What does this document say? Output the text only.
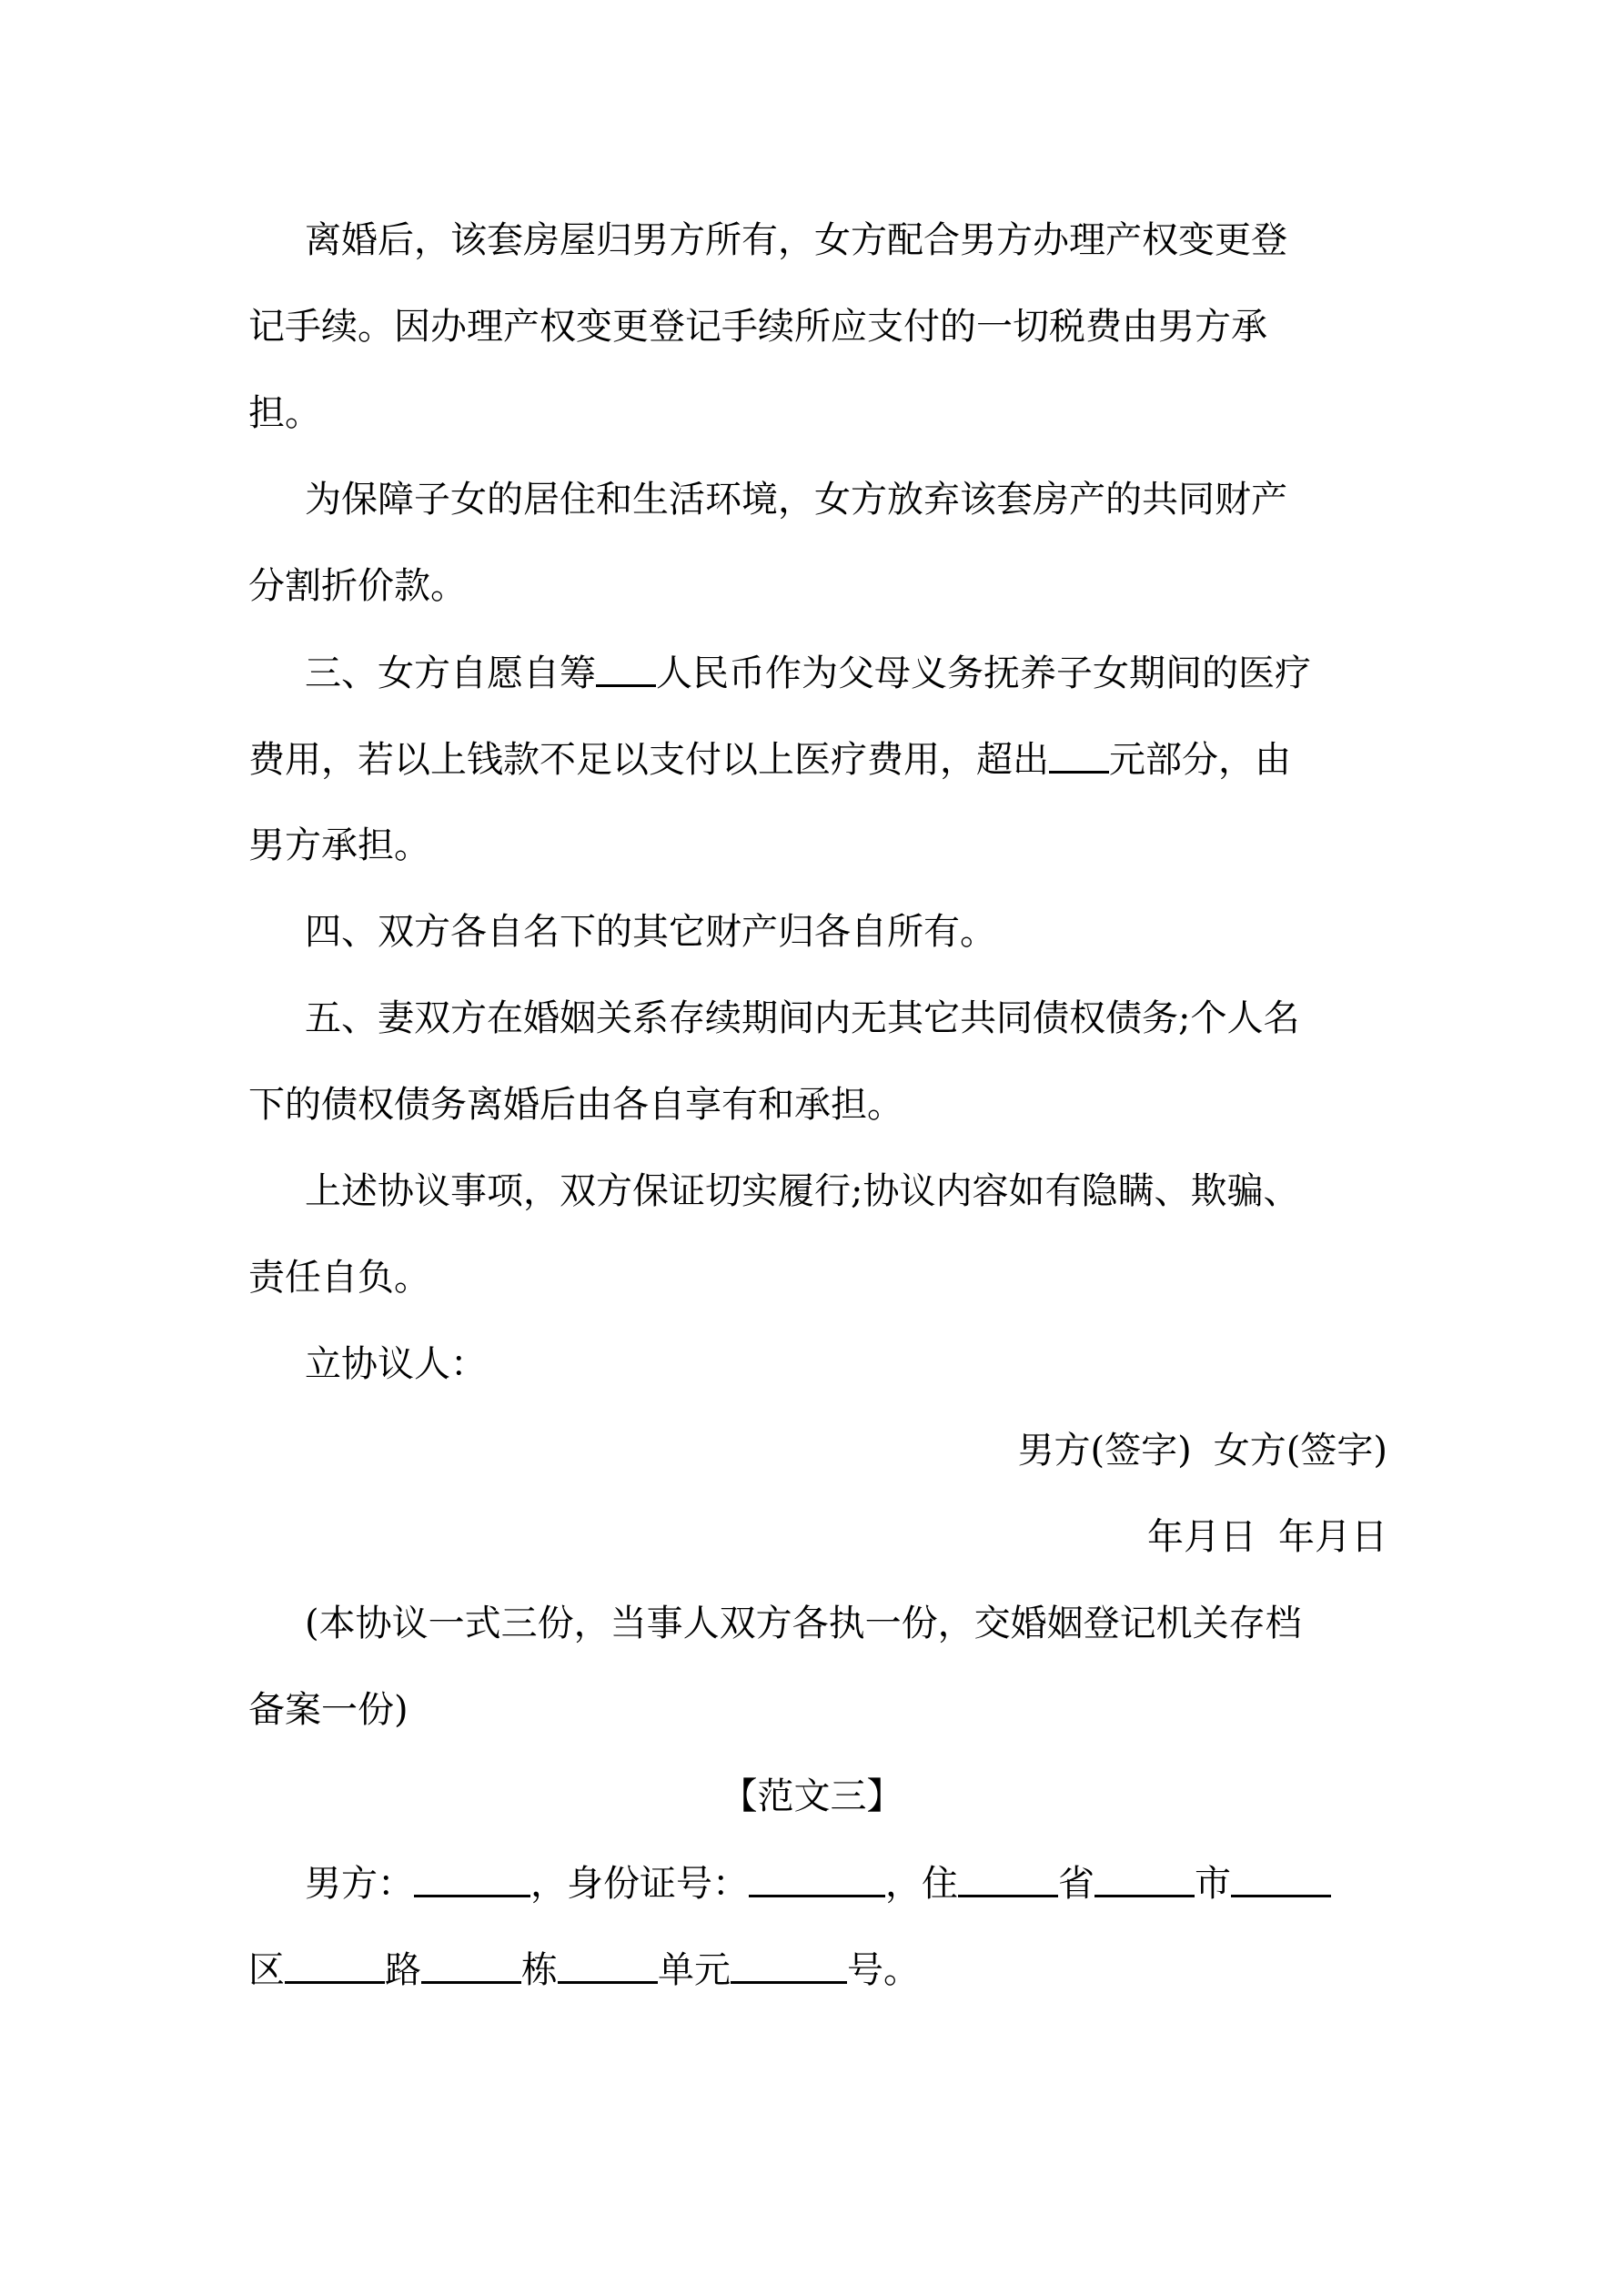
离婚后，该套房屋归男方所有，女方配合男方办理产权变更登
记手续。因办理产权变更登记手续所应支付的一切税费由男方承
担。
为保障子女的居住和生活环境，女方放弃该套房产的共同财产
分割折价款。
三、女方自愿自筹 人民币作为父母义务抚养子女期间的医疗
费用，若以上钱款不足以支付以上医疗费用，超出 元部分，由
男方承担。
四、双方各自名下的其它财产归各自所有。
五、妻双方在婚姻关系存续期间内无其它共同债权债务;个人名
下的债权债务离婚后由各自享有和承担。
上述协议事项，双方保证切实履行;协议内容如有隐瞒、欺骗、
责任自负。
立协议人：
男方(签字) 女方(签字)
年月日 年月日
(本协议一式三份，当事人双方各执一份，交婚姻登记机关存档
备案一份)
【范文三】
男方：	，身份证号：	，住	省	市
区	路	栋	单元	号。
